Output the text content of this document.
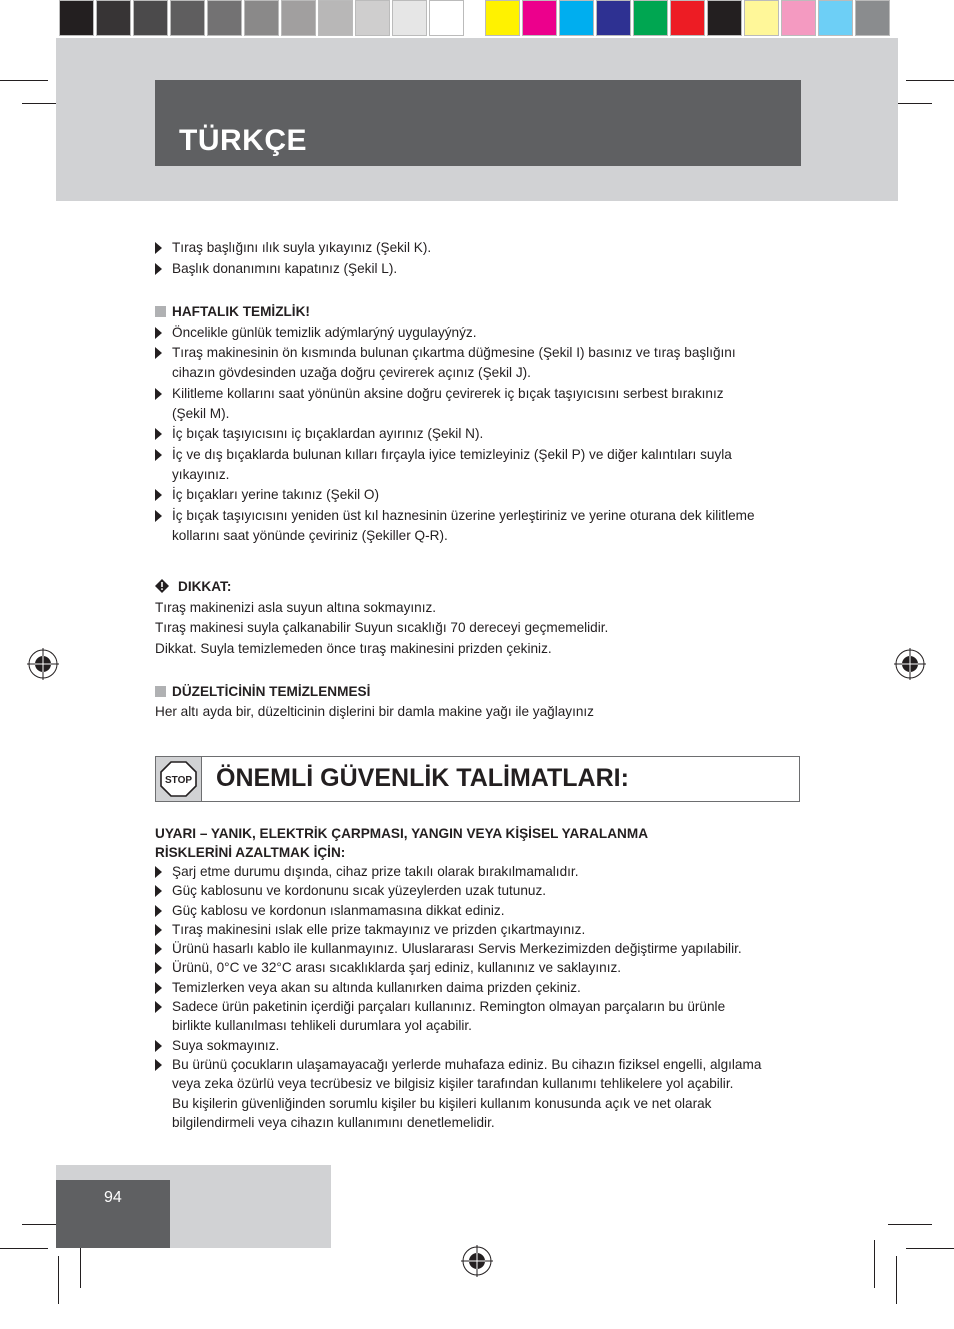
TÜRKÇE
Tıraş başlığını ılık suyla yıkayınız (Şekil K).
Başlık donanımını kapatınız (Şekil L).
HAFTALIK TEMİZLİK!
Öncelikle günlük temizlik adýmlarýný uygulayýnýz.
Tıraş makinesinin ön kısmında bulunan çıkartma düğmesine (Şekil I) basınız ve tıraş başlığını
cihazın gövdesinden uzağa doğru çevirerek açınız (Şekil J).
Kilitleme kollarını saat yönünün aksine doğru çevirerek iç bıçak taşıyıcısını serbest bırakınız
(Şekil M).
İç bıçak taşıyıcısını iç bıçaklardan ayırınız (Şekil N).
İç ve dış bıçaklarda bulunan kılları fırçayla iyice temizleyiniz (Şekil P) ve diğer kalıntıları suyla
yıkayınız.
İç bıçakları yerine takınız (Şekil O)
İç bıçak taşıyıcısını yeniden üst kıl haznesinin üzerine yerleştiriniz ve yerine oturana dek kilitleme
kollarını saat yönünde çeviriniz (Şekiller Q-R).
DIKKAT:
Tıraş makinenizi asla suyun altına sokmayınız.
Tıraş makinesi suyla çalkanabilir Suyun sıcaklığı 70 dereceyi geçmemelidir.
Dikkat. Suyla temizlemeden önce tıraş makinesini prizden çekiniz.
DÜZELTİCİNİN TEMİZLENMESİ
Her altı ayda bir, düzelticinin dişlerini bir damla makine yağı ile yağlayınız
STOP ÖNEMLİ GÜVENLİK TALİMATLARI:
UYARI – YANIK, ELEKTRİK ÇARPMASI, YANGIN VEYA KİŞİSEL YARALANMA
RİSKLERİNİ AZALTMAK İÇİN:
Şarj etme durumu dışında, cihaz prize takılı olarak bırakılmamalıdır.
Güç kablosunu ve kordonunu sıcak yüzeylerden uzak tutunuz.
Güç kablosu ve kordonun ıslanmamasına dikkat ediniz.
Tıraş makinesini ıslak elle prize takmayınız ve prizden çıkartmayınız.
Ürünü hasarlı kablo ile kullanmayınız. Uluslararası Servis Merkezimizden değiştirme yapılabilir.
Ürünü, 0°C ve 32°C arası sıcaklıklarda şarj ediniz, kullanınız ve saklayınız.
Temizlerken veya akan su altında kullanırken daima prizden çekiniz.
Sadece ürün paketinin içerdiği parçaları kullanınız. Remington olmayan parçaların bu ürünle
birlikte kullanılması tehlikeli durumlara yol açabilir.
Suya sokmayınız.
Bu ürünü çocukların ulaşamayacağı yerlerde muhafaza ediniz. Bu cihazın fiziksel engelli, algılama
veya zeka özürlü veya tecrübesiz ve bilgisiz kişiler tarafından kullanımı tehlikelere yol açabilir.
Bu kişilerin güvenliğinden sorumlu kişiler bu kişileri kullanım konusunda açık ve net olarak
bilgilendirmeli veya cihazın kullanımını denetlemelidir.
94
